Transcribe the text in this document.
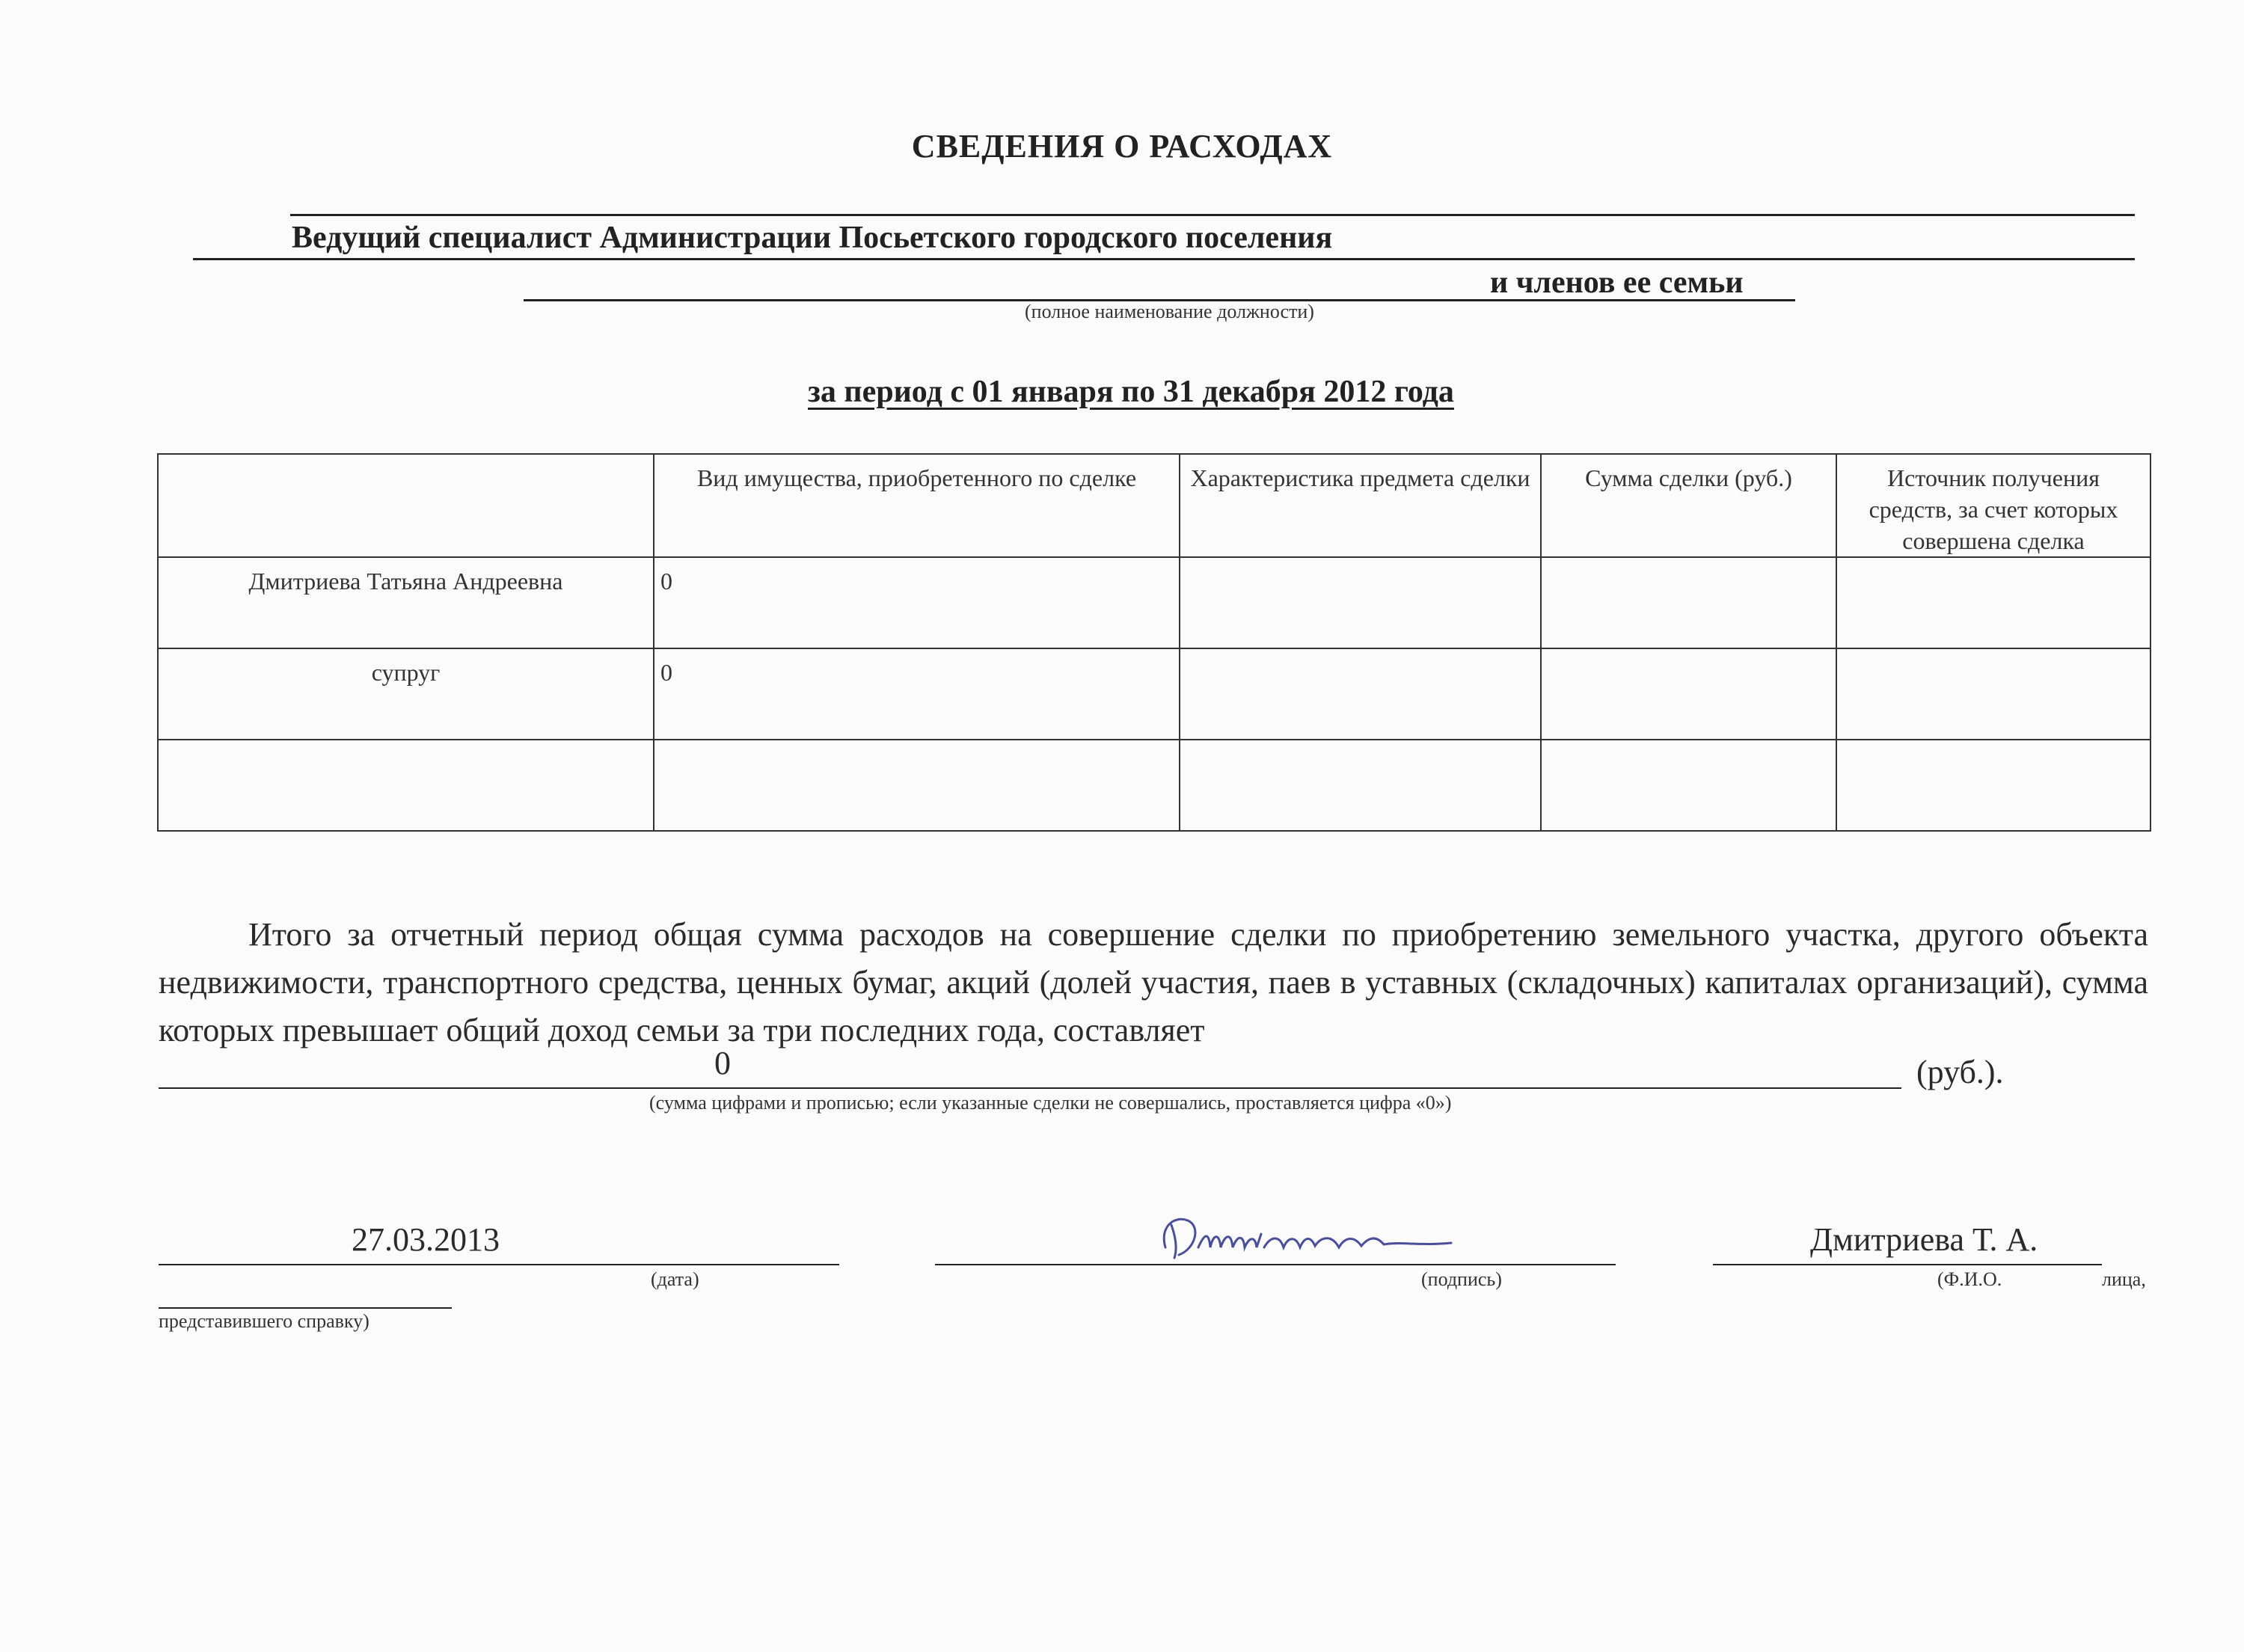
СВЕДЕНИЯ О РАСХОДАХ
Ведущий специалист Администрации Посьетского городского поселения
и членов ее семьи
(полное наименование должности)
за период с 01 января по 31 декабря 2012 года
	Вид имущества, приобретенного по сделке	Характеристика предмета сделки	Сумма сделки (руб.)	Источник получения средств, за счет которых совершена сделка
Дмитриева Татьяна Андреевна	0			
супруг	0			

Итого за отчетный период общая сумма расходов на совершение сделки по приобретению земельного участка, другого объекта недвижимости, транспортного средства, ценных бумаг, акций (долей участия, паев в уставных (складочных) капиталах организаций), сумма которых превышает общий доход семьи за три последних года, составляет
0	(руб.).
(сумма цифрами и прописью; если указанные сделки не совершались, проставляется цифра «0»)
27.03.2013
(дата)	(подпись)
Дмитриева Т. А.
(Ф.И.О.	лица,
представившего справку)
